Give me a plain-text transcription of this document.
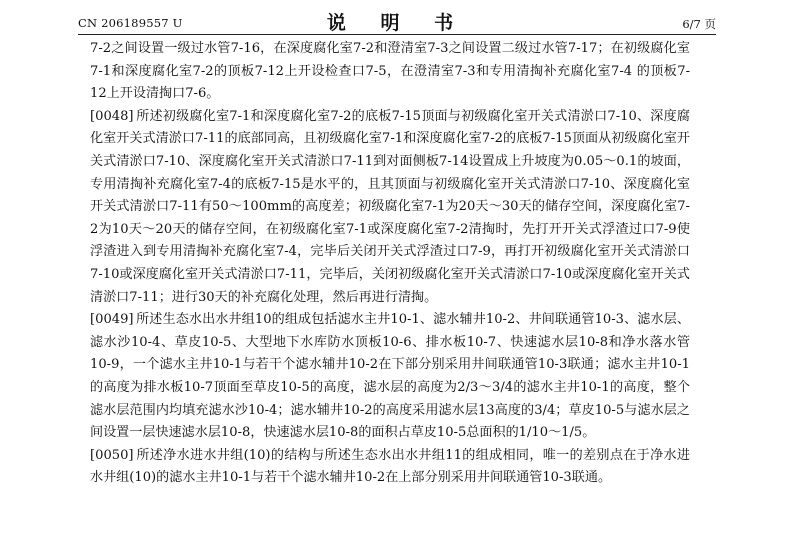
CN 206189557 U	说 明 书	6/7 页

7-2之间设置一级过水管7-16，在深度腐化室7-2和澄清室7-3之间设置二级过水管7-17；在初级腐化室7-1和深度腐化室7-2的顶板7-12上开设检查口7-5，在澄清室7-3和专用清掏补充腐化室7-4 的顶板7-12上开设清掏口7-6。

[0048] 所述初级腐化室7-1和深度腐化室7-2的底板7-15顶面与初级腐化室开关式清淤口7-10、深度腐化室开关式清淤口7-11的底部同高，且初级腐化室7-1和深度腐化室7-2的底板7-15顶面从初级腐化室开关式清淤口7-10、深度腐化室开关式清淤口7-11到对面侧板7-14设置成上升坡度为0.05～0.1的坡面，专用清掏补充腐化室7-4的底板7-15是水平的，且其顶面与初级腐化室开关式清淤口7-10、深度腐化室开关式清淤口7-11有50～100mm的高度差；初级腐化室7-1为20天～30天的储存空间，深度腐化室7-2为10天～20天的储存空间，在初级腐化室7-1或深度腐化室7-2清掏时，先打开开关式浮渣过口7-9使浮渣进入到专用清掏补充腐化室7-4，完毕后关闭开关式浮渣过口7-9，再打开初级腐化室开关式清淤口7-10或深度腐化室开关式清淤口7-11，完毕后，关闭初级腐化室开关式清淤口7-10或深度腐化室开关式清淤口7-11；进行30天的补充腐化处理，然后再进行清掏。

[0049] 所述生态水出水井组10的组成包括滤水主井10-1、滤水辅井10-2、井间联通管10-3、滤水层、滤水沙10-4、草皮10-5、大型地下水库防水顶板10-6、排水板10-7、快速滤水层10-8和净水落水管10-9，一个滤水主井10-1与若干个滤水辅井10-2在下部分别采用井间联通管10-3联通；滤水主井10-1的高度为排水板10-7顶面至草皮10-5的高度，滤水层的高度为2/3～3/4的滤水主井10-1的高度，整个滤水层范围内均填充滤水沙10-4；滤水辅井10-2的高度采用滤水层13高度的3/4；草皮10-5与滤水层之间设置一层快速滤水层10-8，快速滤水层10-8的面积占草皮10-5总面积的1/10～1/5。

[0050] 所述净水进水井组(10)的结构与所述生态水出水井组11的组成相同，唯一的差别点在于净水进水井组(10)的滤水主井10-1与若干个滤水辅井10-2在上部分别采用井间联通管10-3联通。
